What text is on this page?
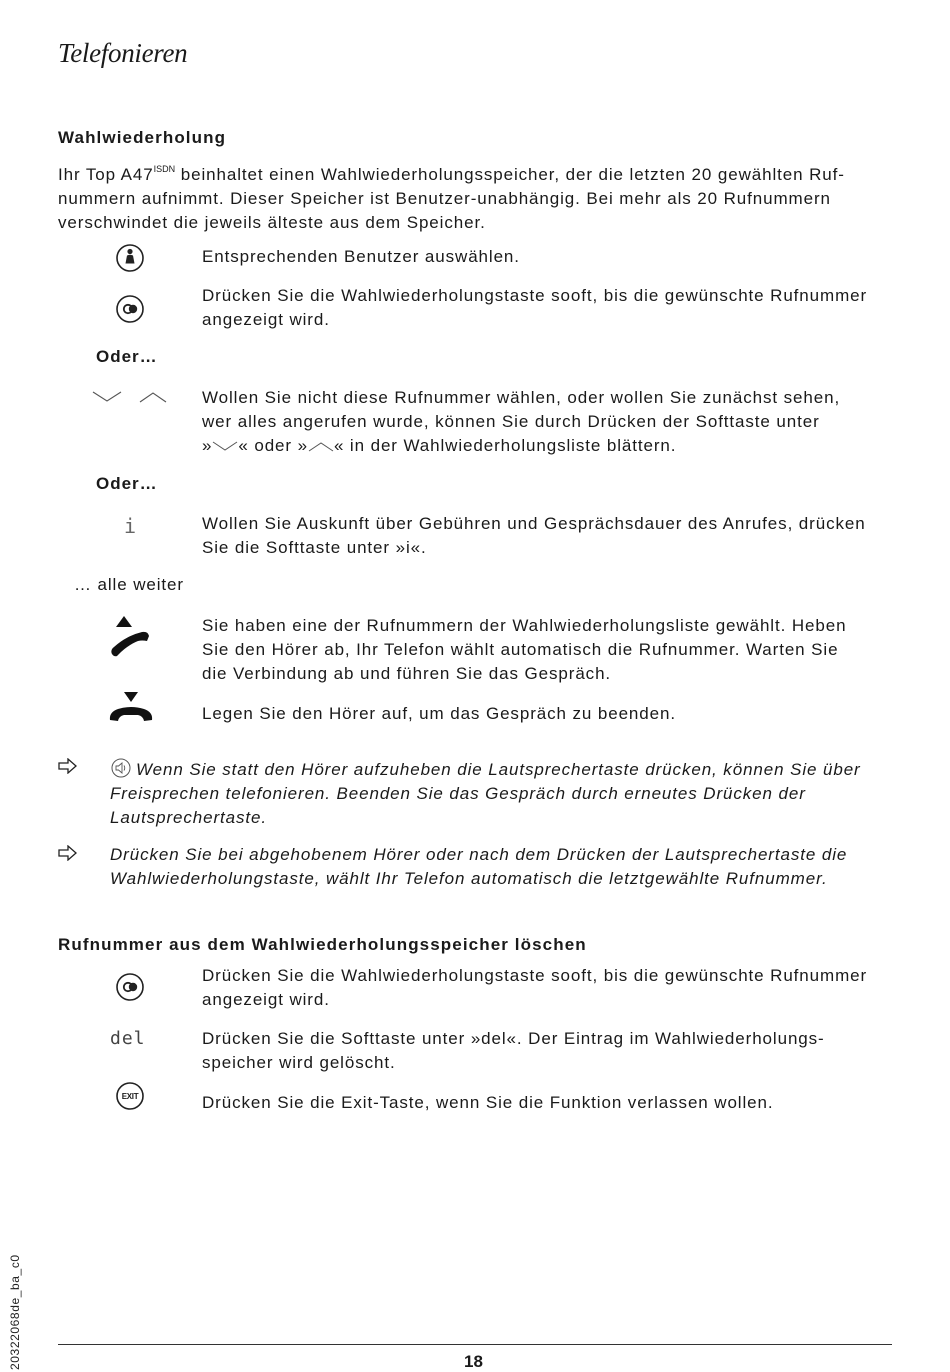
Telefonieren
Wahlwiederholung
Ihr Top $A47^{ISDN}$ beinhaltet einen Wahlwiederholungsspeicher, der die letzten 20 gewählten Ruf-
nummern aufnimmt. Dieser Speicher ist Benutzer-unabhängig. Bei mehr als 20 Rufnummern
verschwindet die jeweils älteste aus dem Speicher.
Entsprechenden Benutzer auswählen.
Drücken Sie die Wahlwiederholungstaste sooft, bis die gewünschte Rufnummer
angezeigt wird.
Oder…
Wollen Sie nicht diese Rufnummer wählen, oder wollen Sie zunächst sehen,
wer alles angerufen wurde, können Sie durch Drücken der Softtaste unter
» « oder » « in der Wahlwiederholungsliste blättern.
Oder…
i	Wollen Sie Auskunft über Gebühren und Gesprächsdauer des Anrufes, drücken
Sie die Softtaste unter »i«.
… alle weiter
Sie haben eine der Rufnummern der Wahlwiederholungsliste gewählt. Heben
Sie den Hörer ab, Ihr Telefon wählt automatisch die Rufnummer. Warten Sie
die Verbindung ab und führen Sie das Gespräch.
Legen Sie den Hörer auf, um das Gespräch zu beenden.
Wenn Sie statt den Hörer aufzuheben die Lautsprechertaste drücken, können Sie über
Freisprechen telefonieren. Beenden Sie das Gespräch durch erneutes Drücken der
Lautsprechertaste.
Drücken Sie bei abgehobenem Hörer oder nach dem Drücken der Lautsprechertaste die
Wahlwiederholungstaste, wählt Ihr Telefon automatisch die letztgewählte Rufnummer.
Rufnummer aus dem Wahlwiederholungsspeicher löschen
Drücken Sie die Wahlwiederholungstaste sooft, bis die gewünschte Rufnummer
angezeigt wird.
del	Drücken Sie die Softtaste unter »del«. Der Eintrag im Wahlwiederholungs-
speicher wird gelöscht.
EXIT	Drücken Sie die Exit-Taste, wenn Sie die Funktion verlassen wollen.
20322068de_ba_c0	18
